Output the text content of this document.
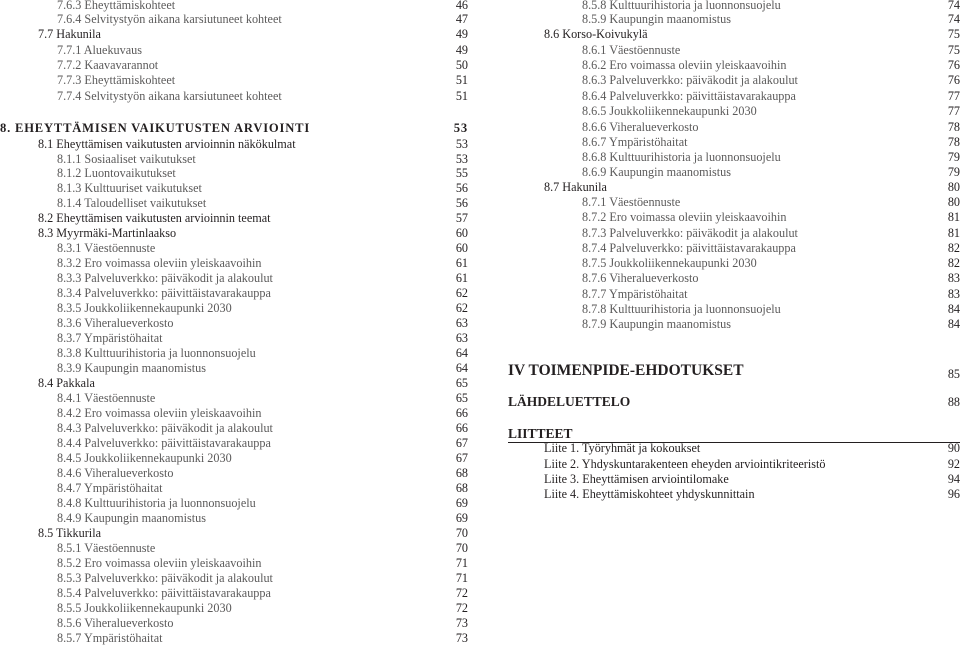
7.6.3 Eheyttämiskohteet	46
7.6.4 Selvitystyön aikana karsiutuneet kohteet	47
7.7 Hakunila	49
7.7.1 Aluekuvaus	49
7.7.2 Kaavavarannot	50
7.7.3 Eheyttämiskohteet	51
7.7.4 Selvitystyön aikana karsiutuneet kohteet	51
8. EHEYTTÄMISEN VAIKUTUSTEN ARVIOINTI	53
8.1 Eheyttämisen vaikutusten arvioinnin näkökulmat	53
8.1.1 Sosiaaliset vaikutukset	53
8.1.2 Luontovaikutukset	55
8.1.3 Kulttuuriset vaikutukset	56
8.1.4 Taloudelliset vaikutukset	56
8.2 Eheyttämisen vaikutusten arvioinnin teemat	57
8.3 Myyrmäki-Martinlaakso	60
8.3.1 Väestöennuste	60
8.3.2 Ero voimassa oleviin yleiskaavoihin	61
8.3.3 Palveluverkko: päiväkodit ja alakoulut	61
8.3.4 Palveluverkko: päivittäistavarakauppa	62
8.3.5 Joukkoliikennekaupunki 2030	62
8.3.6 Viheralueverkosto	63
8.3.7 Ympäristöhaitat	63
8.3.8 Kulttuurihistoria ja luonnonsuojelu	64
8.3.9 Kaupungin maanomistus	64
8.4 Pakkala	65
8.4.1 Väestöennuste	65
8.4.2 Ero voimassa oleviin yleiskaavoihin	66
8.4.3 Palveluverkko: päiväkodit ja alakoulut	66
8.4.4 Palveluverkko: päivittäistavarakauppa	67
8.4.5 Joukkoliikennekaupunki 2030	67
8.4.6 Viheralueverkosto	68
8.4.7 Ympäristöhaitat	68
8.4.8 Kulttuurihistoria ja luonnonsuojelu	69
8.4.9 Kaupungin maanomistus	69
8.5 Tikkurila	70
8.5.1 Väestöennuste	70
8.5.2 Ero voimassa oleviin yleiskaavoihin	71
8.5.3 Palveluverkko: päiväkodit ja alakoulut	71
8.5.4 Palveluverkko: päivittäistavarakauppa	72
8.5.5 Joukkoliikennekaupunki 2030	72
8.5.6 Viheralueverkosto	73
8.5.7 Ympäristöhaitat	73
8.5.8 Kulttuurihistoria ja luonnonsuojelu	74
8.5.9 Kaupungin maanomistus	74
8.6 Korso-Koivukylä	75
8.6.1 Väestöennuste	75
8.6.2 Ero voimassa oleviin yleiskaavoihin	76
8.6.3 Palveluverkko: päiväkodit ja alakoulut	76
8.6.4 Palveluverkko: päivittäistavarakauppa	77
8.6.5 Joukkoliikennekaupunki 2030	77
8.6.6 Viheralueverkosto	78
8.6.7 Ympäristöhaitat	78
8.6.8 Kulttuurihistoria ja luonnonsuojelu	79
8.6.9 Kaupungin maanomistus	79
8.7 Hakunila	80
8.7.1 Väestöennuste	80
8.7.2 Ero voimassa oleviin yleiskaavoihin	81
8.7.3 Palveluverkko: päiväkodit ja alakoulut	81
8.7.4 Palveluverkko: päivittäistavarakauppa	82
8.7.5 Joukkoliikennekaupunki 2030	82
8.7.6 Viheralueverkosto	83
8.7.7 Ympäristöhaitat	83
8.7.8 Kulttuurihistoria ja luonnonsuojelu	84
8.7.9 Kaupungin maanomistus	84
IV TOIMENPIDE-EHDOTUKSET	85
LÄHDELUETTELO	88
LIITTEET
Liite 1. Työryhmät ja kokoukset	90
Liite 2. Yhdyskuntarakenteen eheyden arviointikriteeristö	92
Liite 3. Eheyttämisen arviointilomake	94
Liite 4. Eheyttämiskohteet yhdyskunnittain	96
